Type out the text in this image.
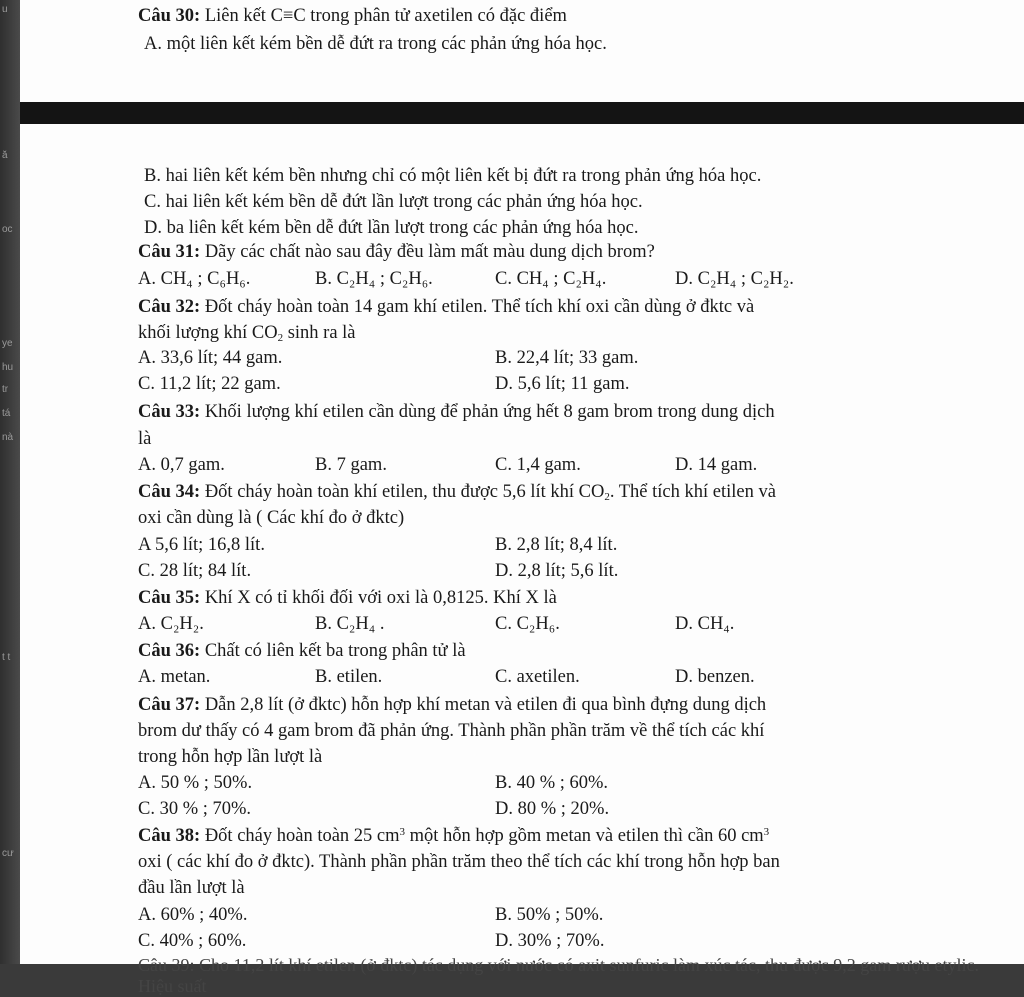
u
ă
oc
ye
hu
tr
tá
nà
t t
cư
Câu 30: Liên kết C≡C trong phân tử axetilen có đặc điểm
A. một liên kết kém bền dễ đứt ra trong các phản ứng hóa học.
B. hai liên kết kém bền nhưng chỉ có một liên kết bị đứt ra trong phản ứng hóa học.
C. hai liên kết kém bền dễ đứt lần lượt trong các phản ứng hóa học.
D. ba liên kết kém bền dễ đứt lần lượt trong các phản ứng hóa học.
Câu 31: Dãy các chất nào sau đây đều làm mất màu dung dịch brom?
A. CH₄ ; C₆H₆.	B. C₂H₄ ; C₂H₆.	C. CH₄ ; C₂H₄.	D. C₂H₄ ; C₂H₂.
Câu 32: Đốt cháy hoàn toàn 14 gam khí etilen. Thể tích khí oxi cần dùng ở đktc và
khối lượng khí $CO_2$ sinh ra là
A. 33,6 lít; 44 gam.	B. 22,4 lít; 33 gam.
C. 11,2 lít; 22 gam.	D. 5,6 lít; 11 gam.
Câu 33: Khối lượng khí etilen cần dùng để phản ứng hết 8 gam brom trong dung dịch
là
A. 0,7 gam.	B. 7 gam.	C. 1,4 gam.	D. 14 gam.
Câu 34: Đốt cháy hoàn toàn khí etilen, thu được 5,6 lít khí $CO_2$. Thể tích khí etilen và
oxi cần dùng là ( Các khí đo ở đktc)
A 5,6 lít; 16,8 lít.	B. 2,8 lít; 8,4 lít.
C. 28 lít; 84 lít.	D. 2,8 lít; 5,6 lít.
Câu 35: Khí X có tỉ khối đối với oxi là 0,8125. Khí X là
A. C₂H₂.	B. C₂H₄ .	C. C₂H₆.	D. CH₄.
Câu 36: Chất có liên kết ba trong phân tử là
A. metan.	B. etilen.	C. axetilen.	D. benzen.
Câu 37: Dẫn 2,8 lít (ở đktc) hỗn hợp khí metan và etilen đi qua bình đựng dung dịch
brom dư thấy có 4 gam brom đã phản ứng. Thành phần phần trăm về thể tích các khí
trong hỗn hợp lần lượt là
A. 50 % ; 50%.	B. 40 % ; 60%.
C. 30 % ; 70%.	D. 80 % ; 20%.
Câu 38: Đốt cháy hoàn toàn 25 $cm^3$ một hỗn hợp gồm metan và etilen thì cần 60 $cm^3$
oxi ( các khí đo ở đktc). Thành phần phần trăm theo thể tích các khí trong hỗn hợp ban
đầu lần lượt là
A. 60% ; 40%.	B. 50% ; 50%.
C. 40% ; 60%.	D. 30% ; 70%.
Câu 39: Cho 11,2 lít khí etilen (ở đktc) tác dụng với nước có axit sunfuric làm xúc tác, thu được 9,2 gam rượu etylic. Hiệu suất
